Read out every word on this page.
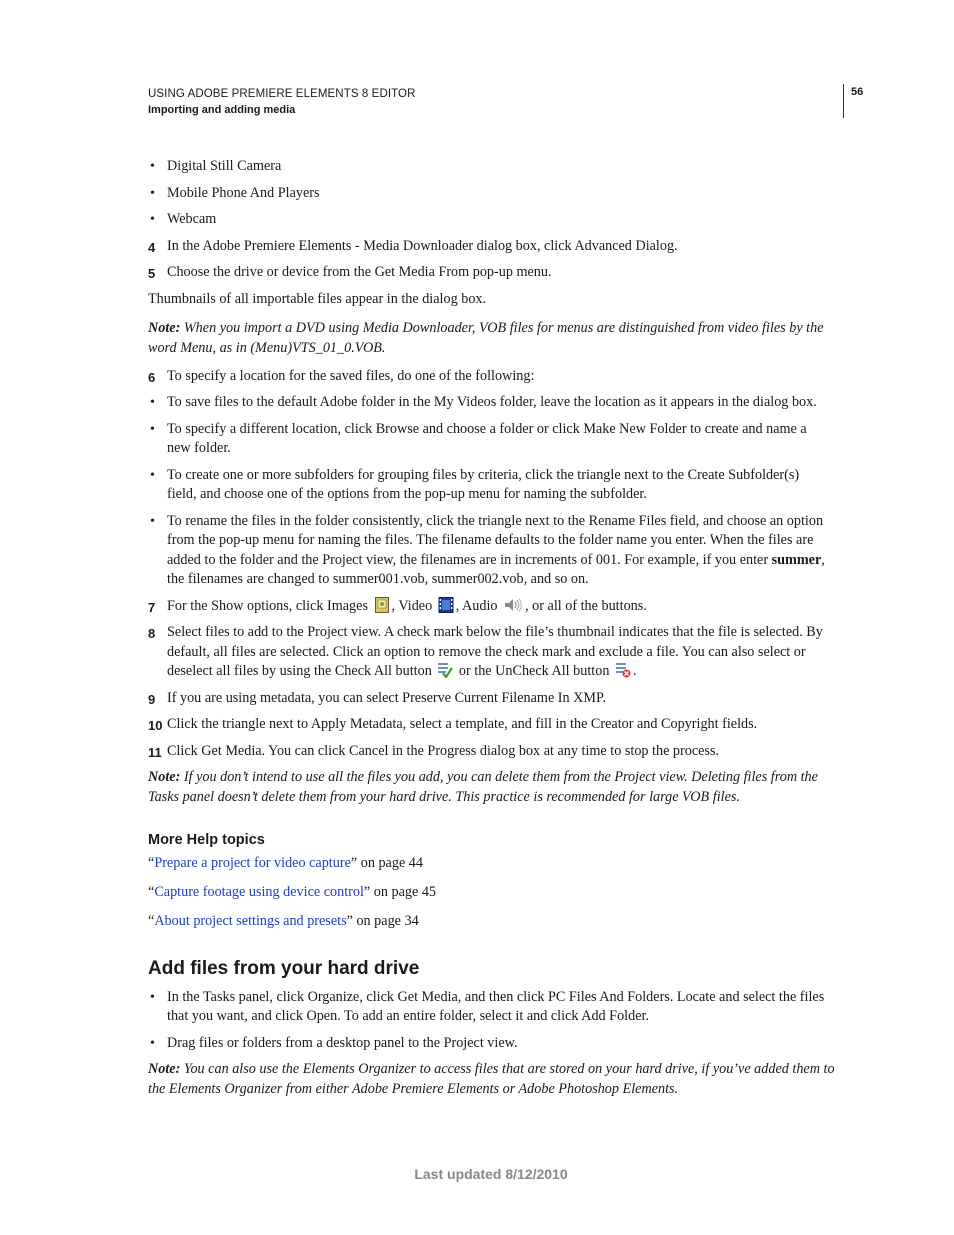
USING ADOBE PREMIERE ELEMENTS 8 EDITOR
Importing and adding media
56
• Digital Still Camera
• Mobile Phone And Players
• Webcam
4 In the Adobe Premiere Elements - Media Downloader dialog box, click Advanced Dialog.
5 Choose the drive or device from the Get Media From pop-up menu.
Thumbnails of all importable files appear in the dialog box.
Note: When you import a DVD using Media Downloader, VOB files for menus are distinguished from video files by the
word Menu, as in (Menu)VTS_01_0.VOB.
6 To specify a location for the saved files, do one of the following:
• To save files to the default Adobe folder in the My Videos folder, leave the location as it appears in the dialog box.
• To specify a different location, click Browse and choose a folder or click Make New Folder to create and name a
new folder.
• To create one or more subfolders for grouping files by criteria, click the triangle next to the Create Subfolder(s)
field, and choose one of the options from the pop-up menu for naming the subfolder.
• To rename the files in the folder consistently, click the triangle next to the Rename Files field, and choose an option
from the pop-up menu for naming the files. The filename defaults to the folder name you enter. When the files are
added to the folder and the Project view, the filenames are in increments of 001. For example, if you enter summer,
the filenames are changed to summer001.vob, summer002.vob, and so on.
7 For the Show options, click Images , Video , Audio , or all of the buttons.
8 Select files to add to the Project view. A check mark below the file’s thumbnail indicates that the file is selected. By
default, all files are selected. Click an option to remove the check mark and exclude a file. You can also select or
deselect all files by using the Check All button or the UnCheck All button .
9 If you are using metadata, you can select Preserve Current Filename In XMP.
10 Click the triangle next to Apply Metadata, select a template, and fill in the Creator and Copyright fields.
11 Click Get Media. You can click Cancel in the Progress dialog box at any time to stop the process.
Note: If you don’t intend to use all the files you add, you can delete them from the Project view. Deleting files from the
Tasks panel doesn’t delete them from your hard drive. This practice is recommended for large VOB files.
More Help topics
“Prepare a project for video capture” on page 44
“Capture footage using device control” on page 45
“About project settings and presets” on page 34
Add files from your hard drive
• In the Tasks panel, click Organize, click Get Media, and then click PC Files And Folders. Locate and select the files
that you want, and click Open. To add an entire folder, select it and click Add Folder.
• Drag files or folders from a desktop panel to the Project view.
Note: You can also use the Elements Organizer to access files that are stored on your hard drive, if you’ve added them to
the Elements Organizer from either Adobe Premiere Elements or Adobe Photoshop Elements.
Last updated 8/12/2010
